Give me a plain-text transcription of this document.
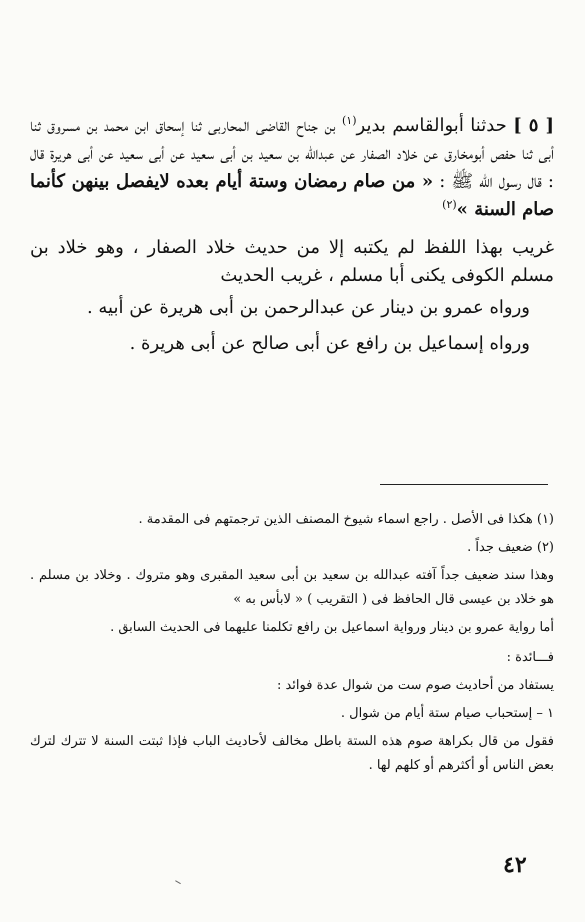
[ ٥ ] حدثنا أبوالقاسم بدير$^{(١)}$ بن جناح القاضى المحاربى ثنا إسحاق ابن محمد بن مسروق ثنا أبى ثنا حفص أبومخارق عن خلاد الصفار عن عبدالله بن سعيد بن أبى سعيد عن أبى سعيد عن أبى هريرة قال : قال رسول الله ﷺ : « من صام رمضان وستة أيام بعده لايفصل بينهن كأنما صام السنة »$^{(٢)}$

غريب بهذا اللفظ لم يكتبه إلا من حديث خلاد الصفار ، وهو خلاد بن مسلم الكوفى يكنى أبا مسلم ، غريب الحديث

ورواه عمرو بن دينار عن عبدالرحمن بن أبى هريرة عن أبيه .

ورواه إسماعيل بن رافع عن أبى صالح عن أبى هريرة .

(١) هكذا فى الأصل . راجع اسماء شيوخ المصنف الذين ترجمتهم فى المقدمة .

(٢) ضعيف جداً .

وهذا سند ضعيف جداً آفته عبدالله بن سعيد بن أبى سعيد المقبرى وهو متروك . وخلاد بن مسلم . هو خلاد بن عيسى قال الحافظ فى ( التقريب ) « لابأس به »

أما رواية عمرو بن دينار ورواية اسماعيل بن رافع تكلمنا عليهما فى الحديث السابق .

فـــائدة :

يستفاد من أحاديث صوم ست من شوال عدة فوائد :

١ – إستحباب صيام ستة أيام من شوال .

فقول من قال بكراهة صوم هذه الستة باطل مخالف لأحاديث الباب فإذا ثبتت السنة لا تترك لترك بعض الناس أو أكثرهم أو كلهم لها .

٤٢
